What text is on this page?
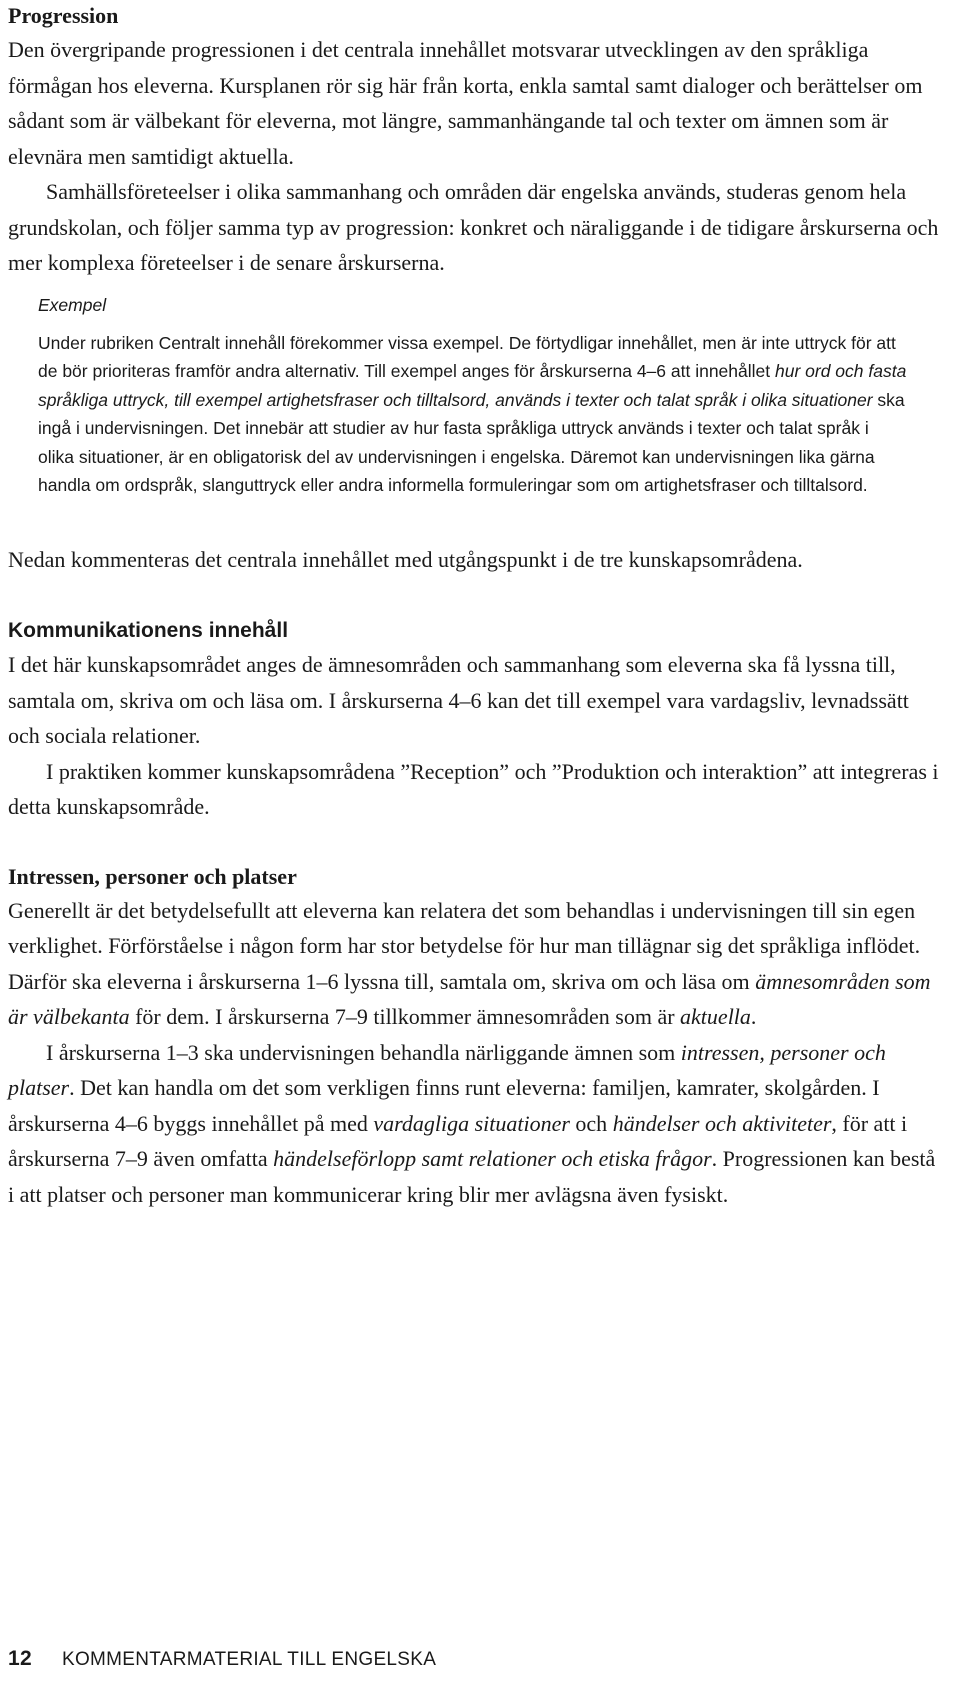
Progression

Den övergripande progressionen i det centrala innehållet motsvarar utvecklingen av den språkliga förmågan hos eleverna. Kursplanen rör sig här från korta, enkla samtal samt dialoger och berättelser om sådant som är välbekant för eleverna, mot längre, sammanhängande tal och texter om ämnen som är elevnära men samtidigt aktuella.

Samhällsföreteelser i olika sammanhang och områden där engelska används, studeras genom hela grundskolan, och följer samma typ av progression: konkret och näraliggande i de tidigare årskurserna och mer komplexa företeelser i de senare årskurserna.

Exempel

Under rubriken Centralt innehåll förekommer vissa exempel. De förtydligar innehållet, men är inte uttryck för att de bör prioriteras framför andra alternativ. Till exempel anges för årskurserna 4–6 att innehållet hur ord och fasta språkliga uttryck, till exempel artighetsfraser och tilltalsord, används i texter och talat språk i olika situationer ska ingå i undervisningen. Det innebär att studier av hur fasta språkliga uttryck används i texter och talat språk i olika situationer, är en obligatorisk del av undervisningen i engelska. Däremot kan undervisningen lika gärna handla om ordspråk, slanguttryck eller andra informella formuleringar som om artighetsfraser och tilltalsord.

Nedan kommenteras det centrala innehållet med utgångspunkt i de tre kunskapsområdena.

Kommunikationens innehåll

I det här kunskapsområdet anges de ämnesområden och sammanhang som eleverna ska få lyssna till, samtala om, skriva om och läsa om. I årskurserna 4–6 kan det till exempel vara vardagsliv, levnadssätt och sociala relationer.

I praktiken kommer kunskapsområdena ”Reception” och ”Produktion och interaktion” att integreras i detta kunskapsområde.

Intressen, personer och platser

Generellt är det betydelsefullt att eleverna kan relatera det som behandlas i undervisningen till sin egen verklighet. Förförståelse i någon form har stor betydelse för hur man tillägnar sig det språkliga inflödet. Därför ska eleverna i årskurserna 1–6 lyssna till, samtala om, skriva om och läsa om ämnesområden som är välbekanta för dem. I årskurserna 7–9 tillkommer ämnesområden som är aktuella.

I årskurserna 1–3 ska undervisningen behandla närliggande ämnen som intressen, personer och platser. Det kan handla om det som verkligen finns runt eleverna: familjen, kamrater, skolgården. I årskurserna 4–6 byggs innehållet på med vardagliga situationer och händelser och aktiviteter, för att i årskurserna 7–9 även omfatta händelseförlopp samt relationer och etiska frågor. Progressionen kan bestå i att platser och personer man kommunicerar kring blir mer avlägsna även fysiskt.

12 KOMMENTARMATERIAL TILL ENGELSKA
